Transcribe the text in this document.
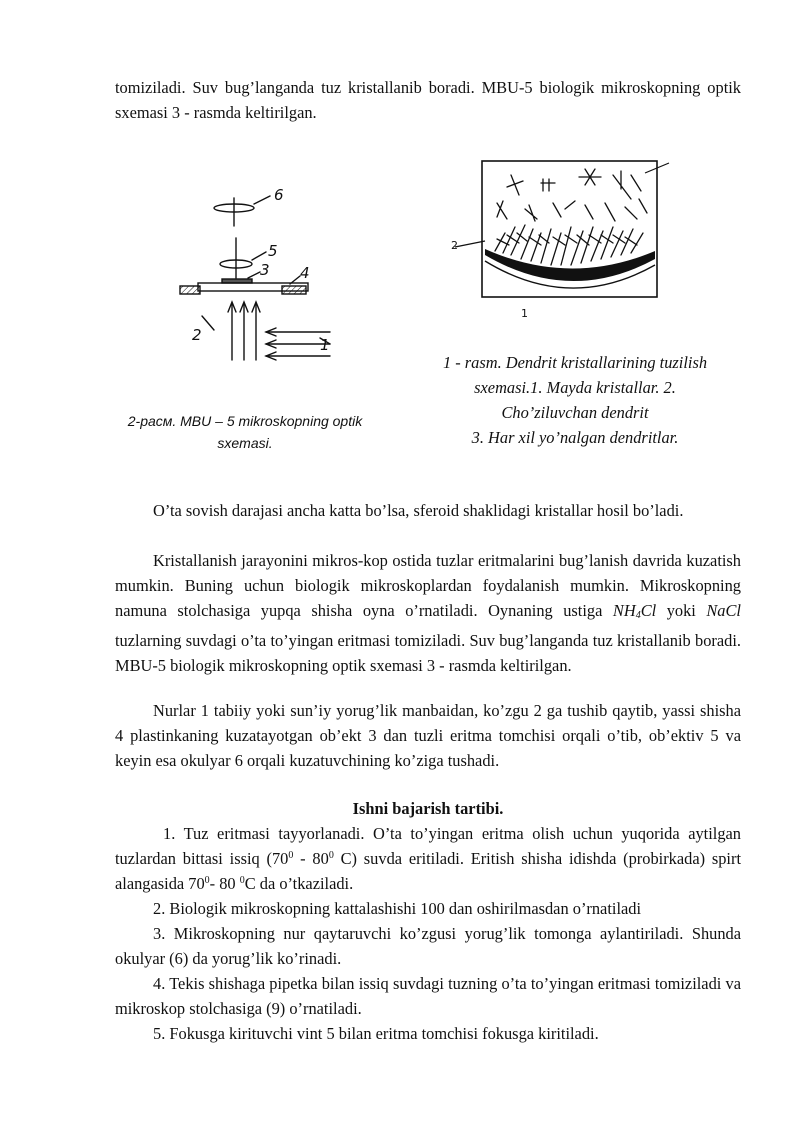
tomiziladi. Suv bug’langanda tuz kristallanib boradi. MBU-5 biologik mikroskopning optik sxemasi 3 - rasmda keltirilgan.

6
5
3 4
2
1

2-расм. MBU – 5 mikroskopning optik
sxemasi.

2
1

1 - rasm. Dendrit kristallarining tuzilish
sxemasi.1. Mayda kristallar. 2.
Cho’ziluvchan dendrit
3. Har xil yo’nalgan dendritlar.

O’ta sovish darajasi ancha katta bo’lsa, sferoid shaklidagi kristallar hosil bo’ladi.

Kristallanish jarayonini mikros-kop ostida tuzlar eritmalarini bug’lanish davrida kuzatish mumkin. Buning uchun biologik mikroskoplardan foydalanish mumkin. Mikroskopning namuna stolchasiga yupqa shisha oyna o’rnatiladi. Oynaning ustiga $NH_4Cl$ yoki NaCl tuzlarning suvdagi o’ta to’yingan eritmasi tomiziladi. Suv bug’langanda tuz kristallanib boradi. MBU-5 biologik mikroskopning optik sxemasi 3 - rasmda keltirilgan.

Nurlar 1 tabiiy yoki sun’iy yorug’lik manbaidan, ko’zgu 2 ga tushib qaytib, yassi shisha 4 plastinkaning kuzatayotgan ob’ekt 3 dan tuzli eritma tomchisi orqali o’tib, ob’ektiv 5 va keyin esa okulyar 6 orqali kuzatuvchining ko’ziga tushadi.

Ishni bajarish tartibi.

1. Tuz eritmasi tayyorlanadi. O’ta to’yingan eritma olish uchun yuqorida aytilgan tuzlardan bittasi issiq ($70^0 - 80^0$ C) suvda eritiladi. Eritish shisha idishda (probirkada) spirt alangasida $70^0-$ 80 $^0$C da o’tkaziladi.

2. Biologik mikroskopning kattalashishi 100 dan oshirilmasdan o’rnatiladi

3. Mikroskopning nur qaytaruvchi ko’zgusi yorug’lik tomonga aylantiriladi. Shunda okulyar (6) da yorug’lik ko’rinadi.

4. Tekis shishaga pipetka bilan issiq suvdagi tuzning o’ta to’yingan eritmasi tomiziladi va mikroskop stolchasiga (9) o’rnatiladi.

5. Fokusga kirituvchi vint 5 bilan eritma tomchisi fokusga kiritiladi.
